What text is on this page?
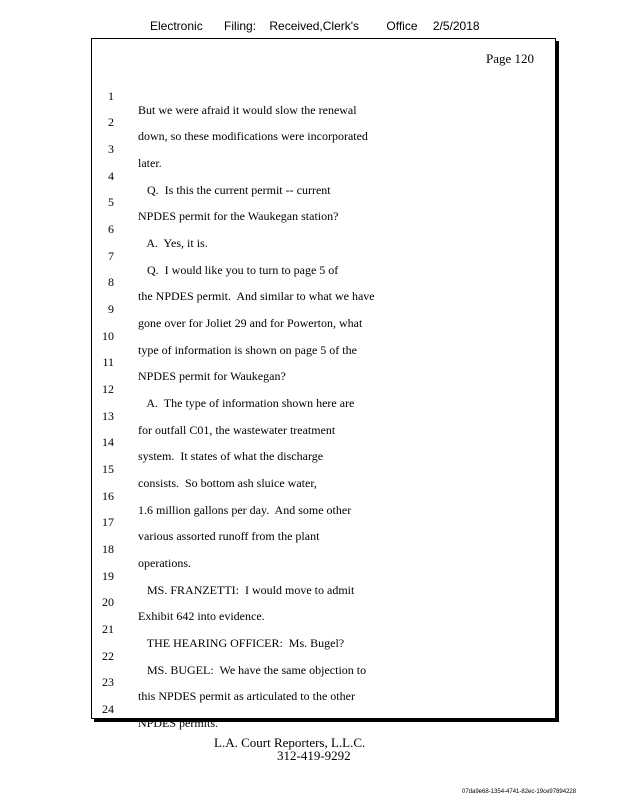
Electronic Filing: Received,Clerk's Office 2/5/2018
Page 120

1

But we were afraid it would slow the renewal

2

down, so these modifications were incorporated

3

later.

4

Q.  Is this the current permit -- current

5

NPDES permit for the Waukegan station?

6

A.  Yes, it is.

7

Q.  I would like you to turn to page 5 of

8

the NPDES permit.  And similar to what we have

9

gone over for Joliet 29 and for Powerton, what

10

type of information is shown on page 5 of the

11

NPDES permit for Waukegan?

12

A.  The type of information shown here are

13

for outfall C01, the wastewater treatment

14

system.  It states of what the discharge

15

consists.  So bottom ash sluice water,

16

1.6 million gallons per day.  And some other

17

various assorted runoff from the plant

18

operations.

19

MS. FRANZETTI:  I would move to admit

20

Exhibit 642 into evidence.

21

THE HEARING OFFICER:  Ms. Bugel?

22

MS. BUGEL:  We have the same objection to

23

this NPDES permit as articulated to the other

24

NPDES permits.

L.A. Court Reporters, L.L.C.
312-419-9292
07da9e68-1354-4741-82ec-19ce97894228
